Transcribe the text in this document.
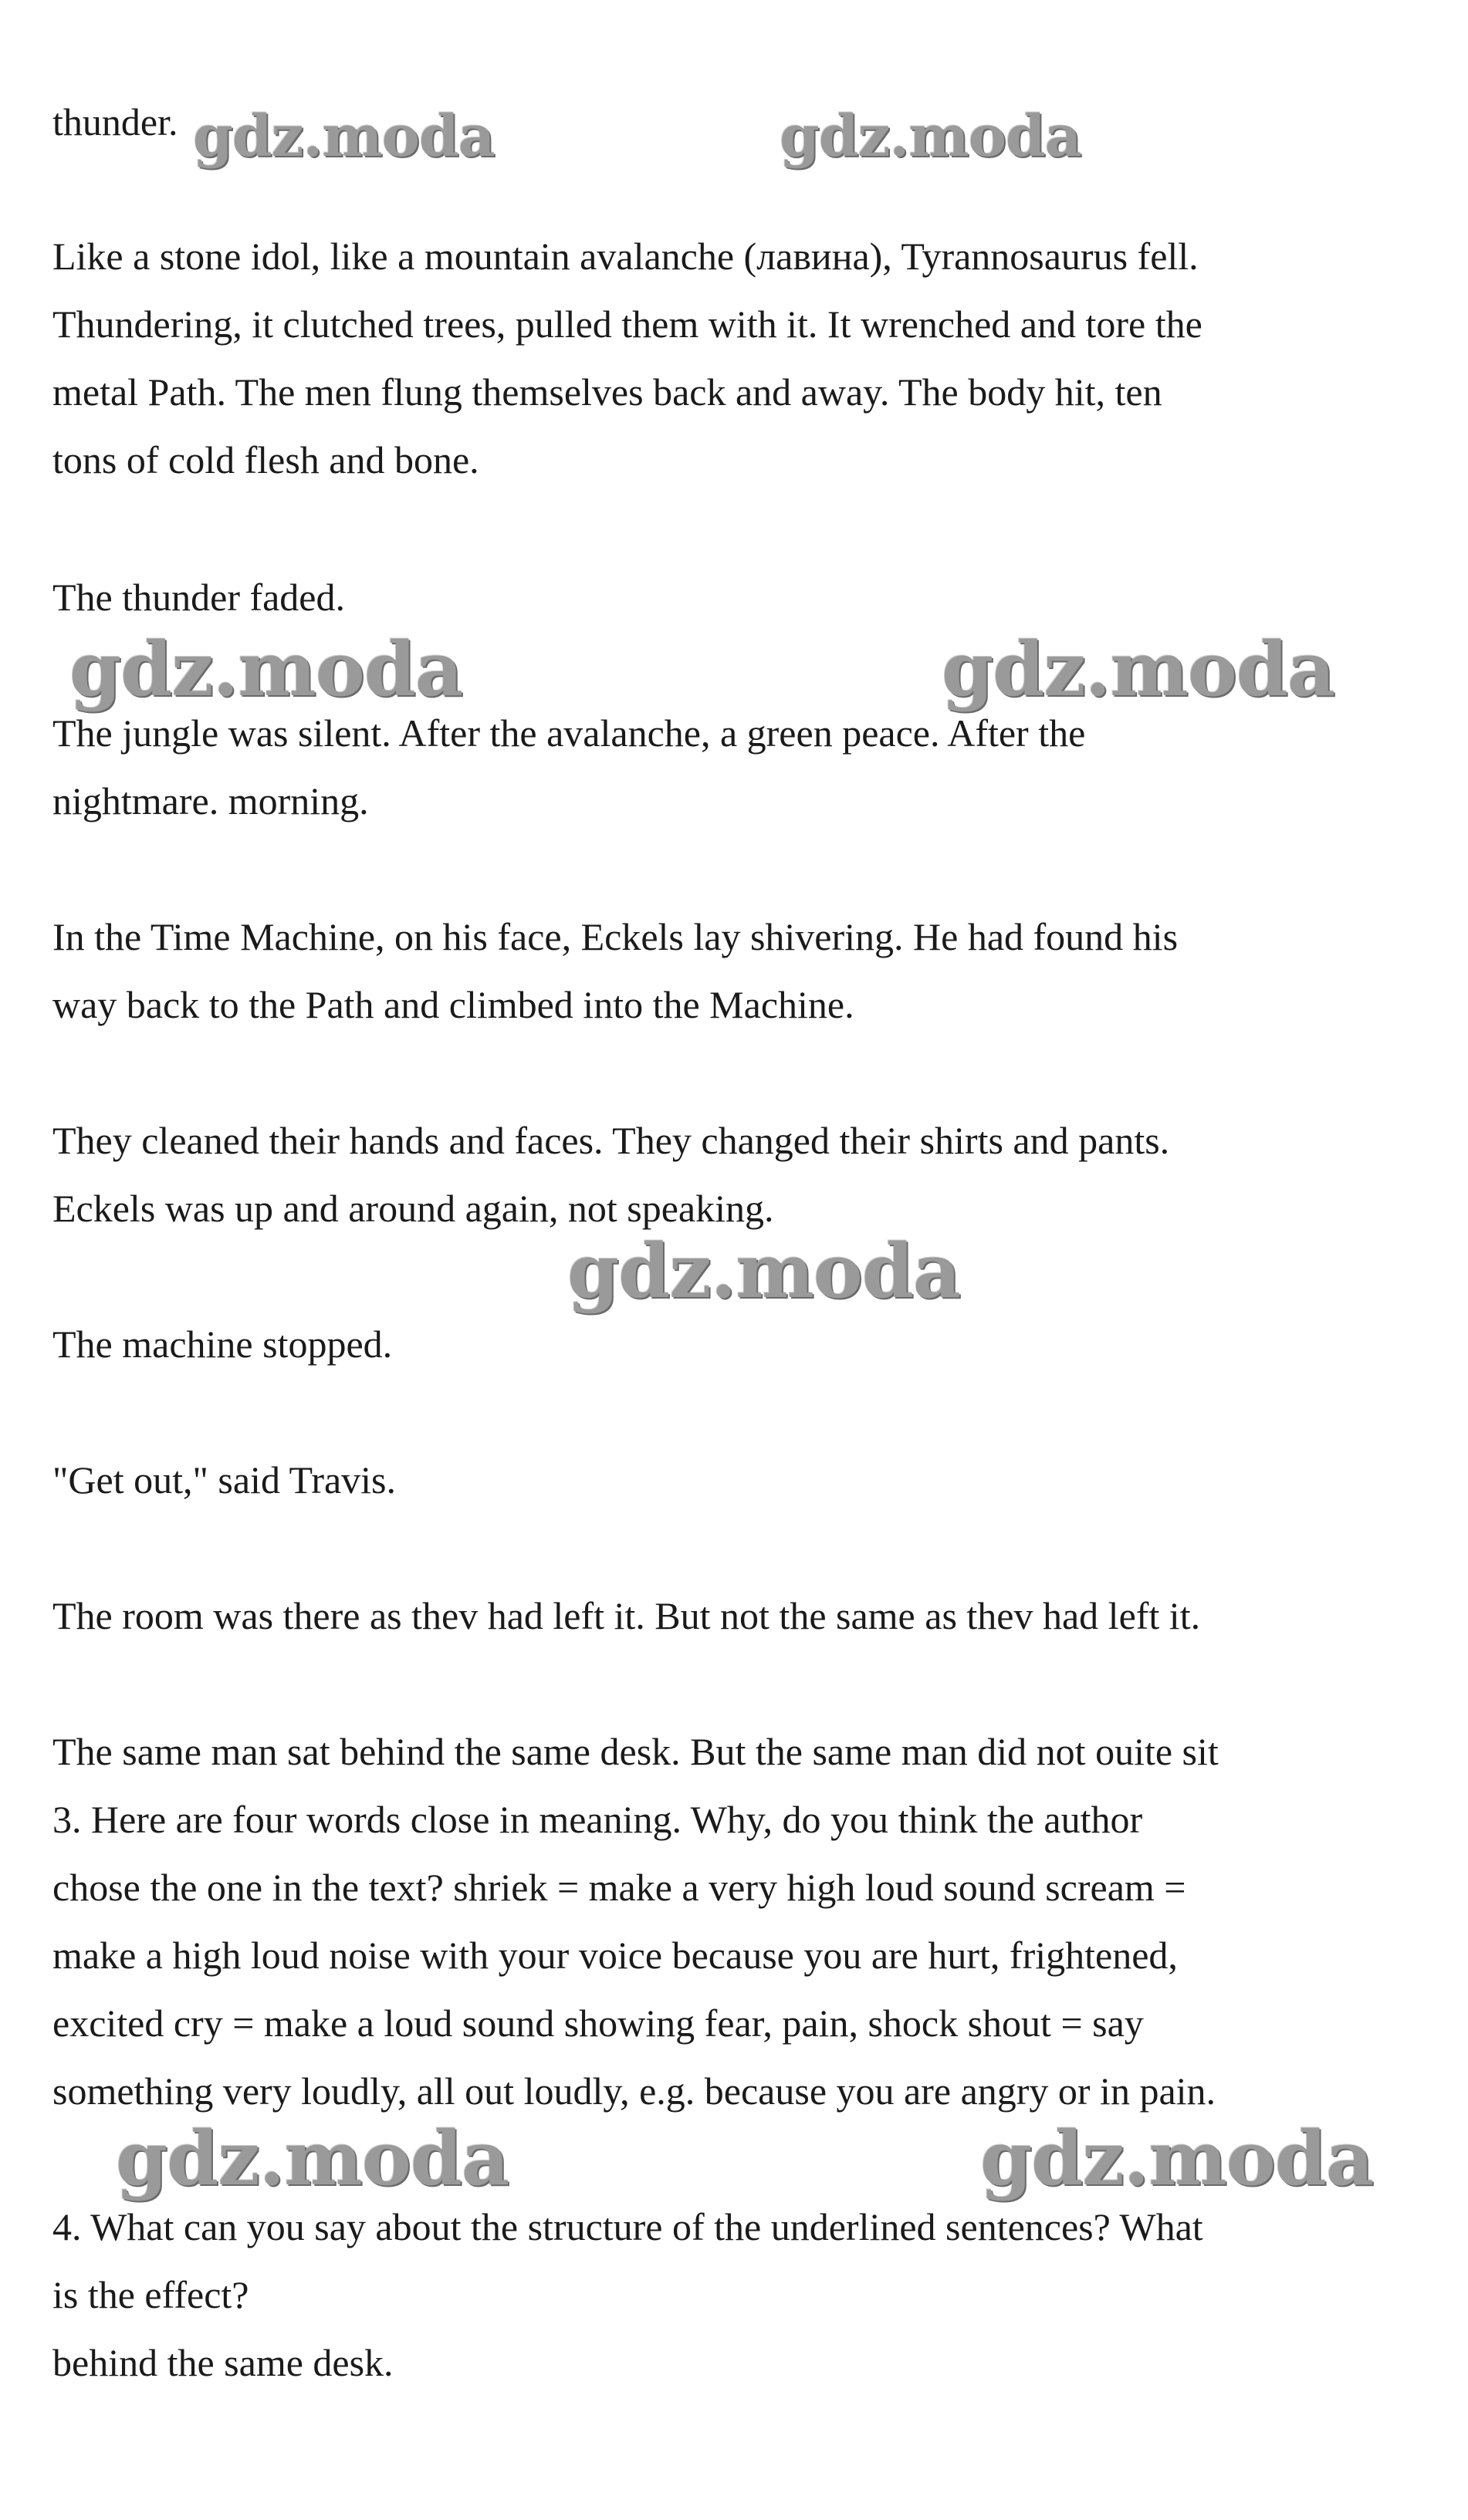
thunder.
Like a stone idol, like a mountain avalanche (лавина), Tyrannosaurus fell.
Thundering, it clutched trees, pulled them with it. It wrenched and tore the
metal Path. The men flung themselves back and away. The body hit, ten
tons of cold flesh and bone.
The thunder faded.
The jungle was silent. After the avalanche, a green peace. After the
nightmare. morning.
In the Time Machine, on his face, Eckels lay shivering. He had found his
way back to the Path and climbed into the Machine.
They cleaned their hands and faces. They changed their shirts and pants.
Eckels was up and around again, not speaking.
The machine stopped.
"Get out," said Travis.
The room was there as thev had left it. But not the same as thev had left it.
The same man sat behind the same desk. But the same man did not ouite sit
3. Here are four words close in meaning. Why, do you think the author
chose the one in the text? shriek = make a very high loud sound scream =
make a high loud noise with your voice because you are hurt, frightened,
excited cry = make a loud sound showing fear, pain, shock shout = say
something very loudly, all out loudly, e.g. because you are angry or in pain.
4. What can you say about the structure of the underlined sentences? What
is the effect?
behind the same desk.
gdz.moda	gdz.moda
gdz.moda	gdz.moda
gdz.moda
gdz.moda	gdz.moda
